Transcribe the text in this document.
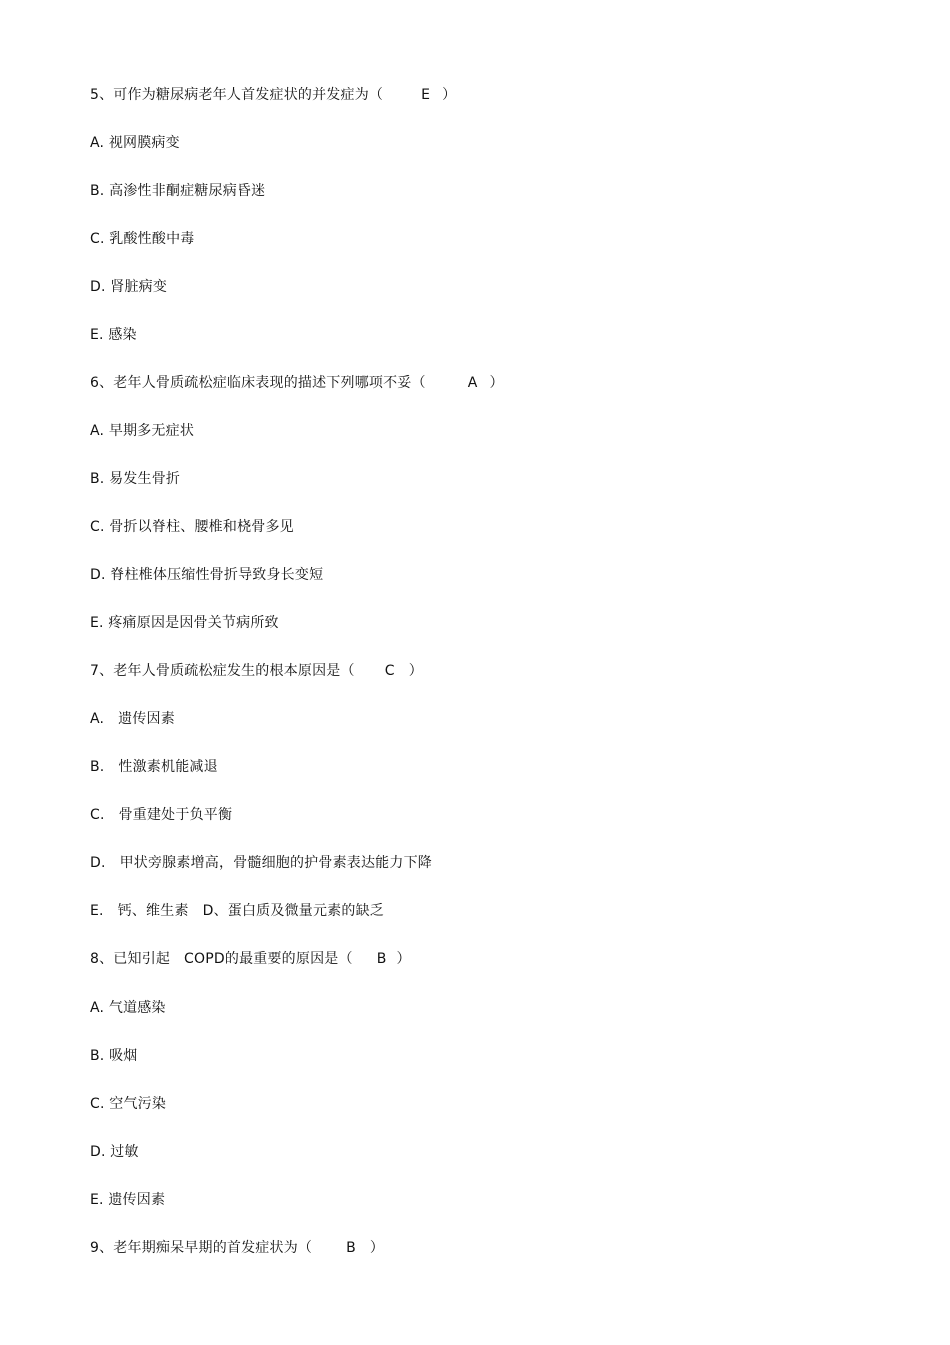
5、可作为糖尿病老年人首发症状的并发症为（	E ）
A. 视网膜病变
B. 高渗性非酮症糖尿病昏迷
C. 乳酸性酸中毒
D. 肾脏病变
E. 感染
6、老年人骨质疏松症临床表现的描述下列哪项不妥（	A ）
A. 早期多无症状
B. 易发生骨折
C. 骨折以脊柱、腰椎和桡骨多见
D. 脊柱椎体压缩性骨折导致身长变短
E. 疼痛原因是因骨关节病所致
7、老年人骨质疏松症发生的根本原因是（ C ）
A.   遗传因素
B.   性激素机能减退
C.   骨重建处于负平衡
D.   甲状旁腺素增高，骨髓细胞的护骨素表达能力下降
E.   钙、维生素   D、蛋白质及微量元素的缺乏
8、已知引起   COPD的最重要的原因是（ B ）
A. 气道感染
B. 吸烟
C. 空气污染
D. 过敏
E. 遗传因素
9、老年期痴呆早期的首发症状为（ B ）
